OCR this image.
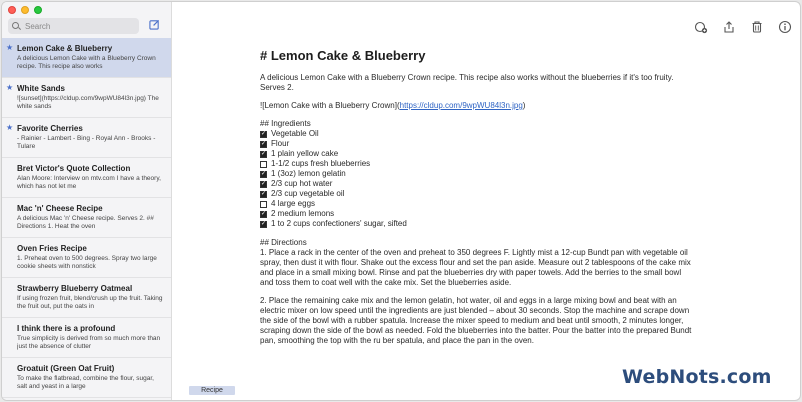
Search
★ Lemon Cake & Blueberry
A delicious Lemon Cake with a Blueberry Crown recipe. This recipe also works
★ White Sands
![sunset](https://cldup.com/9wpWU84l3n.jpg) The white sands
★ Favorite Cherries
- Rainier - Lambert - Bing - Royal Ann - Brooks - Tulare
Bret Victor's Quote Collection
Alan Moore: Interview on mtv.com I have a theory, which has not let me
Mac 'n' Cheese Recipe
A delicious Mac 'n' Cheese recipe. Serves 2. ## Directions 1. Heat the oven
Oven Fries Recipe
1. Preheat oven to 500 degrees. Spray two large cookie sheets with nonstick
Strawberry Blueberry Oatmeal
If using frozen fruit, blend/crush up the fruit. Taking the fruit out, put the oats in
I think there is a profound
True simplicity is derived from so much more than just the absence of clutter
Groatuit (Green Oat Fruit)
To make the flatbread, combine the flour, sugar, salt and yeast in a large
# Lemon Cake & Blueberry

A delicious Lemon Cake with a Blueberry Crown recipe. This recipe also works without the blueberries if it's too fruity. Serves 2.

![Lemon Cake with a Blueberry Crown](https://cldup.com/9wpWU84l3n.jpg)

## Ingredients
✓ Vegetable Oil
✓ Flour
✓ 1 plain yellow cake
1-1/2 cups fresh blueberries
✓ 1 (3oz) lemon gelatin
✓ 2/3 cup hot water
✓ 2/3 cup vegetable oil
4 large eggs
✓ 2 medium lemons
✓ 1 to 2 cups confectioners' sugar, sifted
## Directions

1. Place a rack in the center of the oven and preheat to 350 degrees F. Lightly mist a 12-cup Bundt pan with vegetable oil spray, then dust it with flour. Shake out the excess flour and set the pan aside. Measure out 2 tablespoons of the cake mix and place in a small mixing bowl. Rinse and pat the blueberries dry with paper towels. Add the berries to the small bowl and toss them to coat well with the cake mix. Set the blueberries aside.

2. Place the remaining cake mix and the lemon gelatin, hot water, oil and eggs in a large mixing bowl and beat with an electric mixer on low speed until the ingredients are just blended – about 30 seconds. Stop the machine and scrape down the side of the bowl with a rubber spatula. Increase the mixer speed to medium and beat until smooth, 2 minutes longer, scraping down the side of the bowl as needed. Fold the blueberries into the batter. Pour the batter into the prepared Bundt pan, smoothing the top with the ru ber spatula, and place the pan in the oven.

Recipe
WebNots.com
